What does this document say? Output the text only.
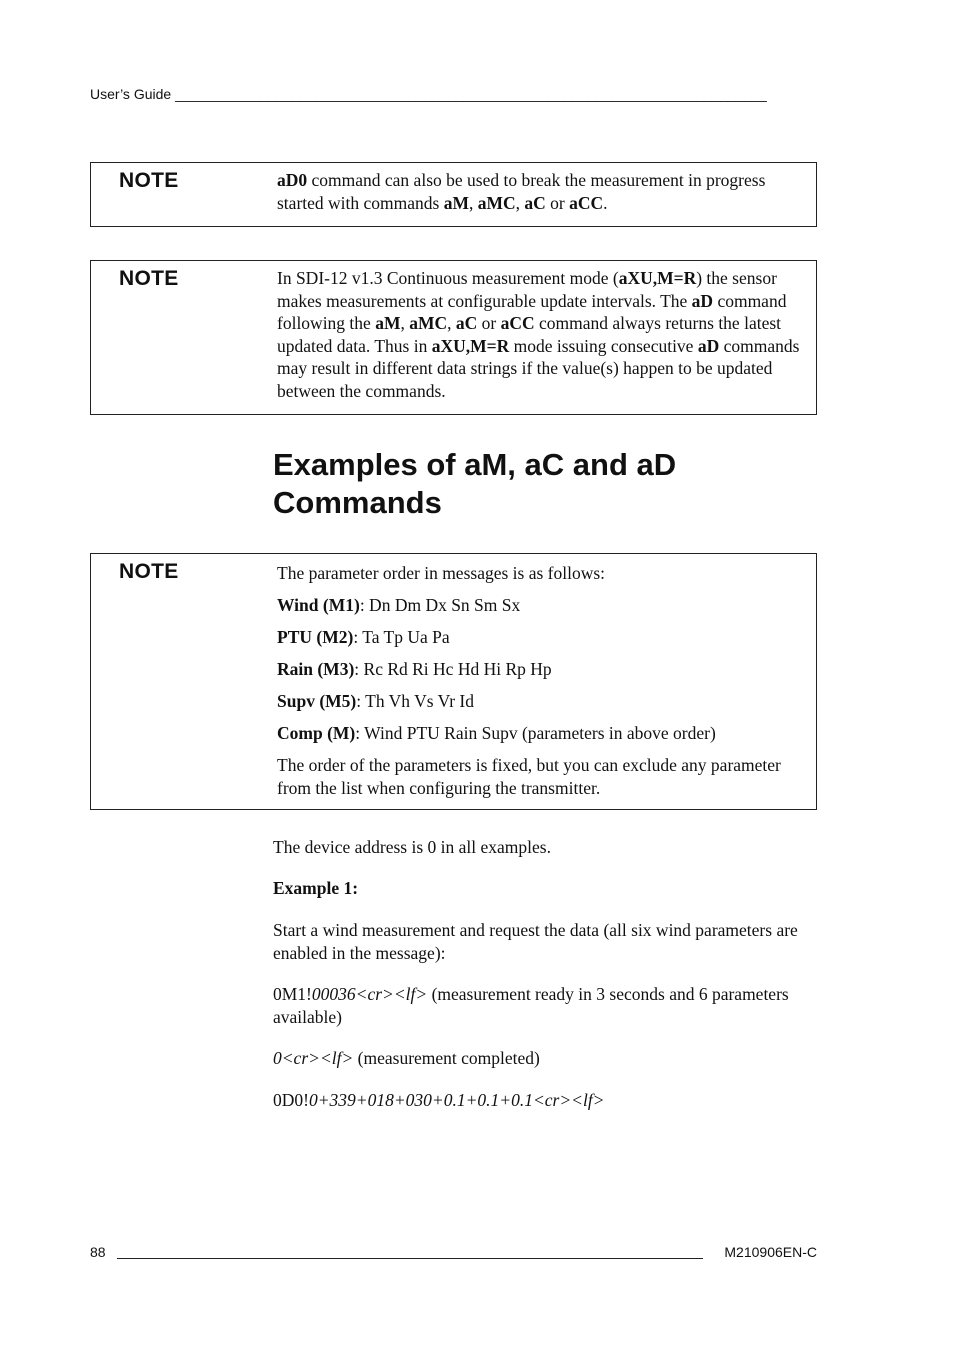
User’s Guide ____________________________________________________________________________
NOTE	aD0 command can also be used to break the measurement in progress started with commands aM, aMC, aC or aCC.
NOTE	In SDI-12 v1.3 Continuous measurement mode (aXU,M=R) the sensor makes measurements at configurable update intervals. The aD command following the aM, aMC, aC or aCC command always returns the latest updated data. Thus in aXU,M=R mode issuing consecutive aD commands may result in different data strings if the value(s) happen to be updated between the commands.
Examples of aM, aC and aD
Commands
NOTE	The parameter order in messages is as follows:
Wind (M1): Dn Dm Dx Sn Sm Sx
PTU (M2): Ta Tp Ua Pa
Rain (M3): Rc Rd Ri Hc Hd Hi Rp Hp
Supv (M5): Th Vh Vs Vr Id
Comp (M): Wind PTU Rain Supv (parameters in above order)
The order of the parameters is fixed, but you can exclude any parameter from the list when configuring the transmitter.
The device address is 0 in all examples.
Example 1:
Start a wind measurement and request the data (all six wind parameters are enabled in the message):
0M1!00036<cr><lf> (measurement ready in 3 seconds and 6 parameters available)
0<cr><lf> (measurement completed)
0D0!0+339+018+030+0.1+0.1+0.1<cr><lf>
88	M210906EN-C
